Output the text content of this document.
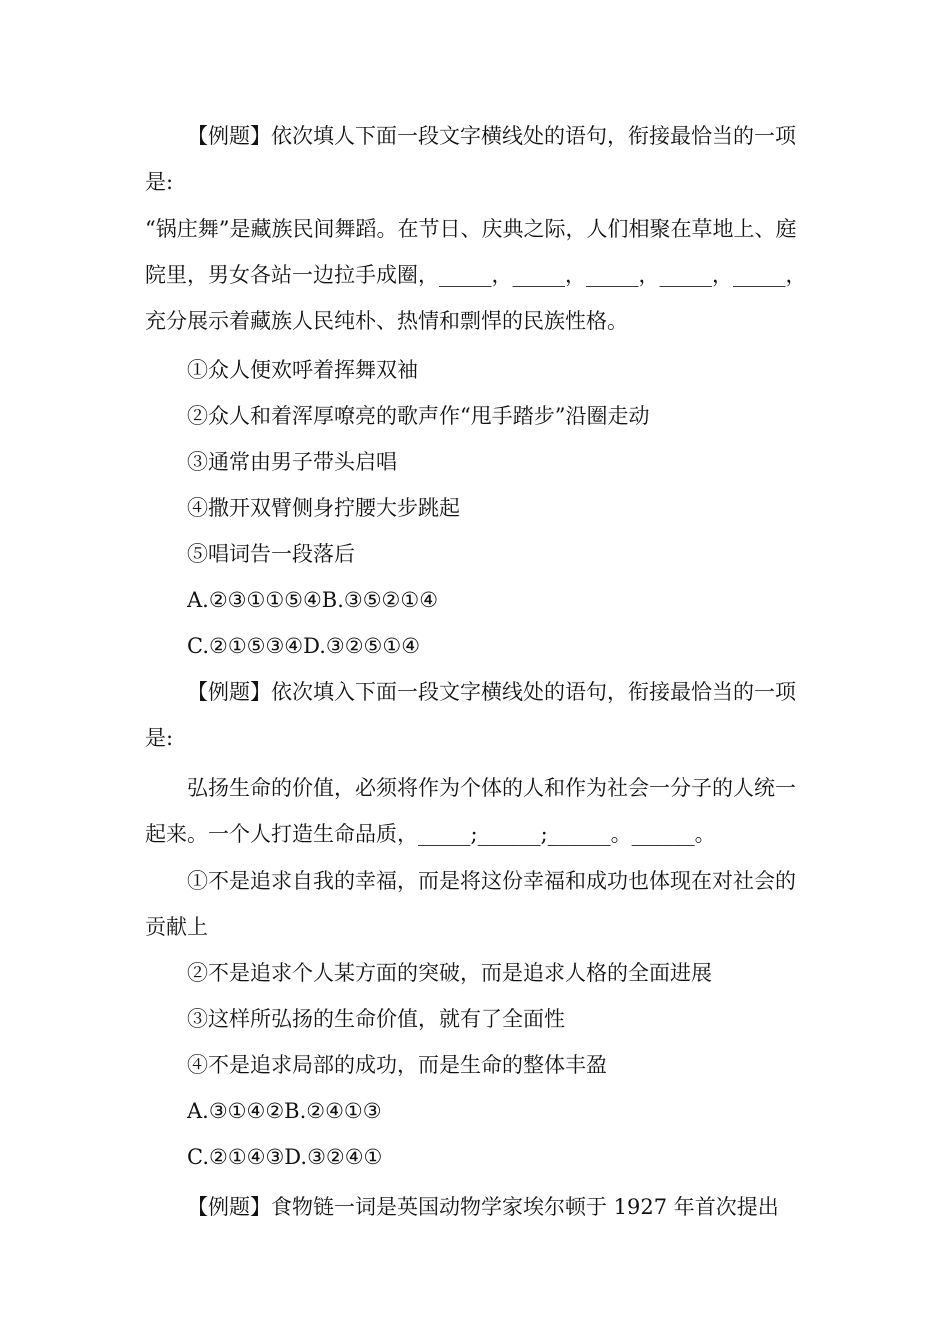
【例题】依次填人下面一段文字横线处的语句，衔接最恰当的一项是:

“锅庄舞”是藏族民间舞蹈。在节日、庆典之际，人们相聚在草地上、庭院里，男女各站一边拉手成圈，_____，_____，_____，_____，_____，充分展示着藏族人民纯朴、热情和剽悍的民族性格。

①众人便欢呼着挥舞双袖

②众人和着浑厚嘹亮的歌声作“甩手踏步”沿圈走动

③通常由男子带头启唱

④撒开双臂侧身拧腰大步跳起

⑤唱词告一段落后

A.②③①①⑤④B.③⑤②①④

C.②①⑤③④D.③②⑤①④

【例题】依次填入下面一段文字横线处的语句，衔接最恰当的一项是:

弘扬生命的价值，必须将作为个体的人和作为社会一分子的人统一起来。一个人打造生命品质，_____;______;______。______。

①不是追求自我的幸福，而是将这份幸福和成功也体现在对社会的贡献上

②不是追求个人某方面的突破，而是追求人格的全面进展

③这样所弘扬的生命价值，就有了全面性

④不是追求局部的成功，而是生命的整体丰盈

A.③①④②B.②④①③

C.②①④③D.③②④①

【例题】食物链一词是英国动物学家埃尔顿于 1927 年首次提出
